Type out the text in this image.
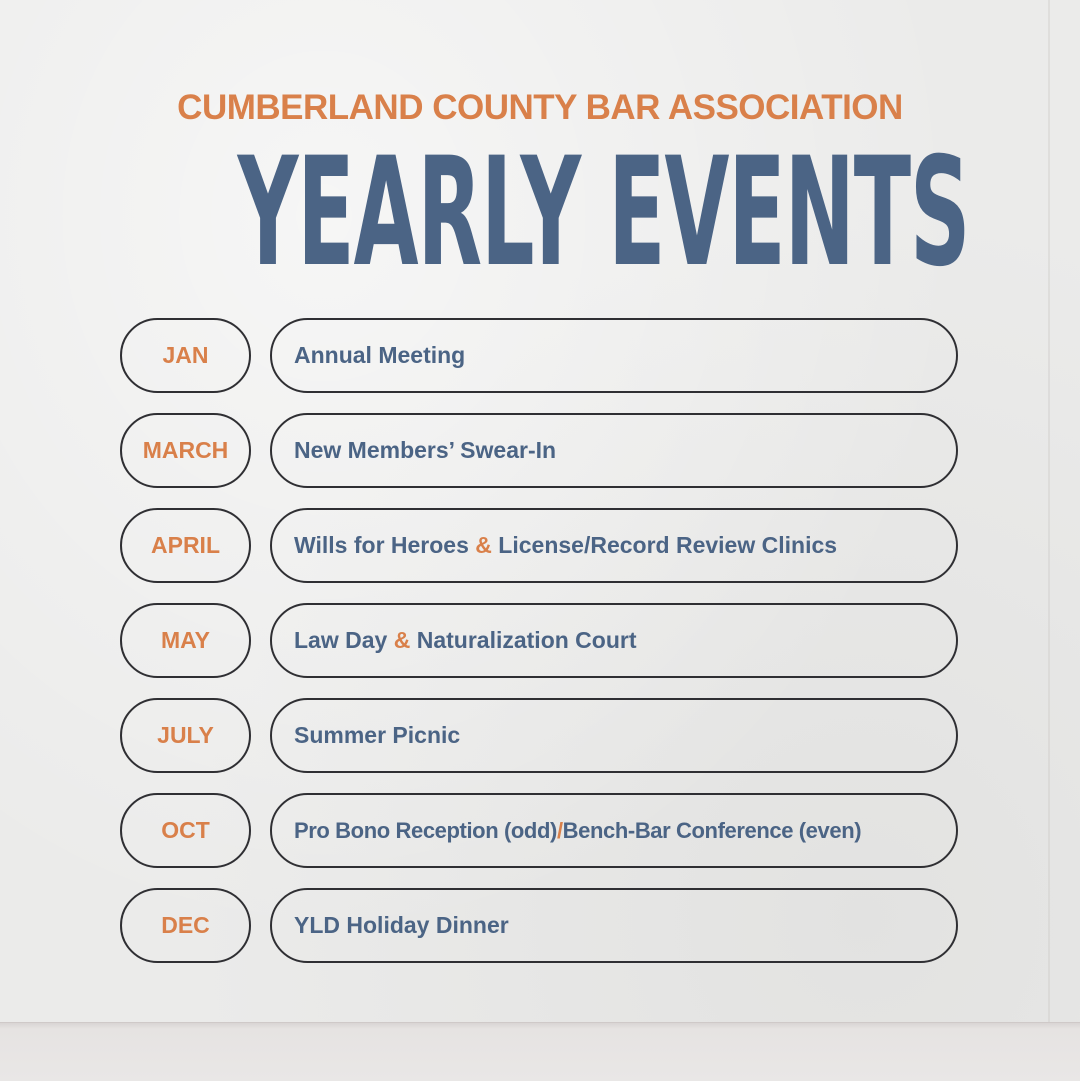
CUMBERLAND COUNTY BAR ASSOCIATION
YEARLY EVENTS
JAN	Annual Meeting
MARCH	New Members’ Swear-In
APRIL	Wills for Heroes & License/Record Review Clinics
MAY	Law Day & Naturalization Court
JULY	Summer Picnic
OCT	Pro Bono Reception (odd) / Bench-Bar Conference (even)
DEC	YLD Holiday Dinner
